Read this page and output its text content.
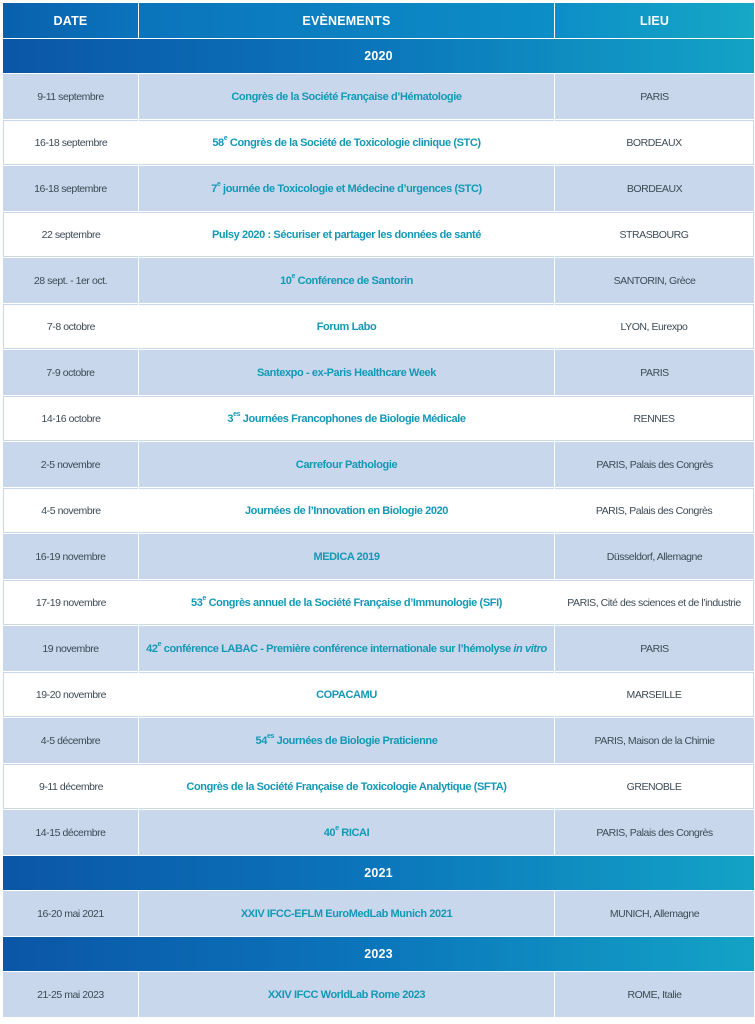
DATE	EVÈNEMENTS	LIEU
2020
9-11 septembre	Congrès de la Société Française d’Hématologie	PARIS
16-18 septembre	58e Congrès de la Société de Toxicologie clinique (STC)	BORDEAUX
16-18 septembre	7e journée de Toxicologie et Médecine d’urgences (STC)	BORDEAUX
22 septembre	Pulsy 2020 : Sécuriser et partager les données de santé	STRASBOURG
28 sept. - 1er oct.	10e Conférence de Santorin	SANTORIN, Grèce
7-8 octobre	Forum Labo	LYON, Eurexpo
7-9 octobre	Santexpo - ex-Paris Healthcare Week	PARIS
14-16 octobre	$3^{es}$ Journées Francophones de Biologie Médicale	RENNES
2-5 novembre	Carrefour Pathologie	PARIS, Palais des Congrès
4-5 novembre	Journées de l’Innovation en Biologie 2020	PARIS, Palais des Congrès
16-19 novembre	MEDICA 2019	Düsseldorf, Allemagne
17-19 novembre	53e Congrès annuel de la Société Française d’Immunologie (SFI)	PARIS, Cité des sciences et de l’industrie
19 novembre	42e conférence LABAC - Première conférence internationale sur l’hémolyse in vitro	PARIS
19-20 novembre	COPACAMU	MARSEILLE
4-5 décembre	$54^{es}$ Journées de Biologie Praticienne	PARIS, Maison de la Chimie
9-11 décembre	Congrès de la Société Française de Toxicologie Analytique (SFTA)	GRENOBLE
14-15 décembre	40e RICAI	PARIS, Palais des Congrès
2021
16-20 mai 2021	XXIV IFCC-EFLM EuroMedLab Munich 2021	MUNICH, Allemagne
2023
21-25 mai 2023	XXIV IFCC WorldLab Rome 2023	ROME, Italie
